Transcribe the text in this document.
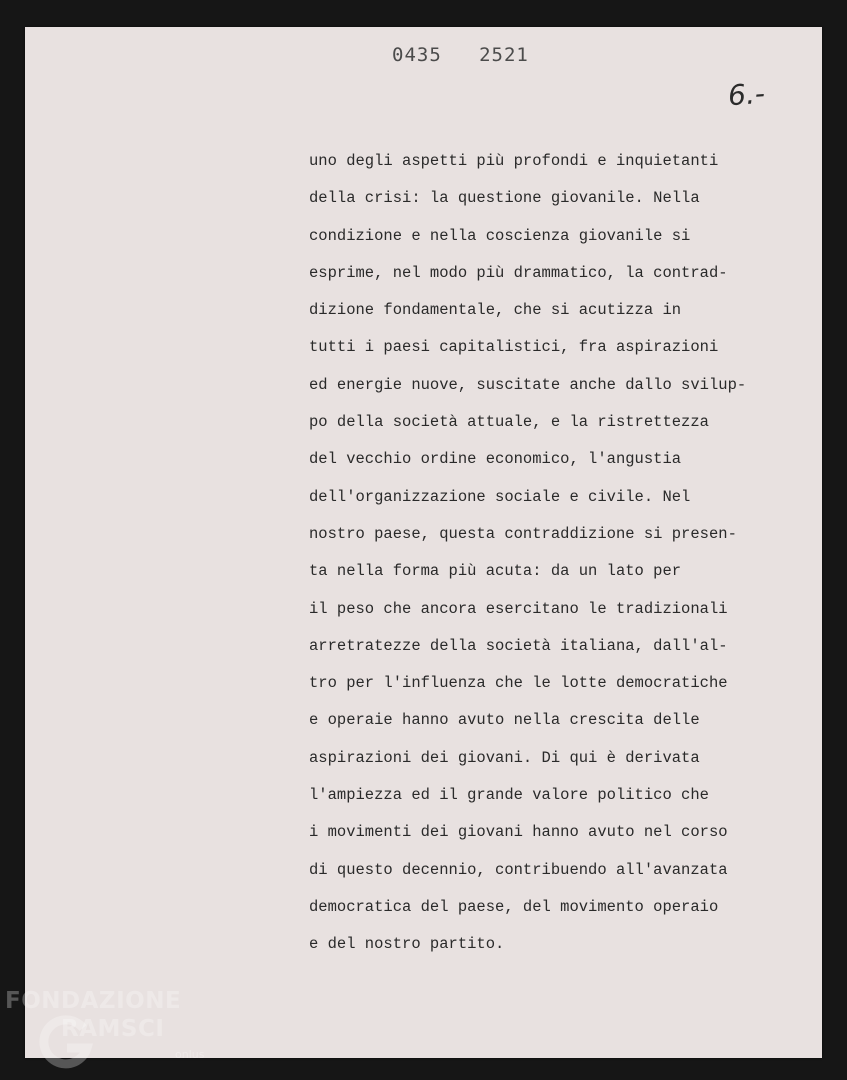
0435   2521
6.-
uno degli aspetti più profondi e inquietanti
della crisi: la questione giovanile. Nella
condizione e nella coscienza giovanile si
esprime, nel modo più drammatico, la contrad-
dizione fondamentale, che si acutizza in
tutti i paesi capitalistici, fra aspirazioni
ed energie nuove, suscitate anche dallo svilup-
po della società attuale, e la ristrettezza
del vecchio ordine economico, l'angustia
dell'organizzazione sociale e civile. Nel
nostro paese, questa contraddizione si presen-
ta nella forma più acuta: da un lato per
il peso che ancora esercitano le tradizionali
arretratezze della società italiana, dall'al-
tro per l'influenza che le lotte democratiche
e operaie hanno avuto nella crescita delle
aspirazioni dei giovani. Di qui è derivata
l'ampiezza ed il grande valore politico che
i movimenti dei giovani hanno avuto nel corso
di questo decennio, contribuendo all'avanzata
democratica del paese, del movimento operaio
e del nostro partito.
FONDAZIONE
RAMSCI
onlus
